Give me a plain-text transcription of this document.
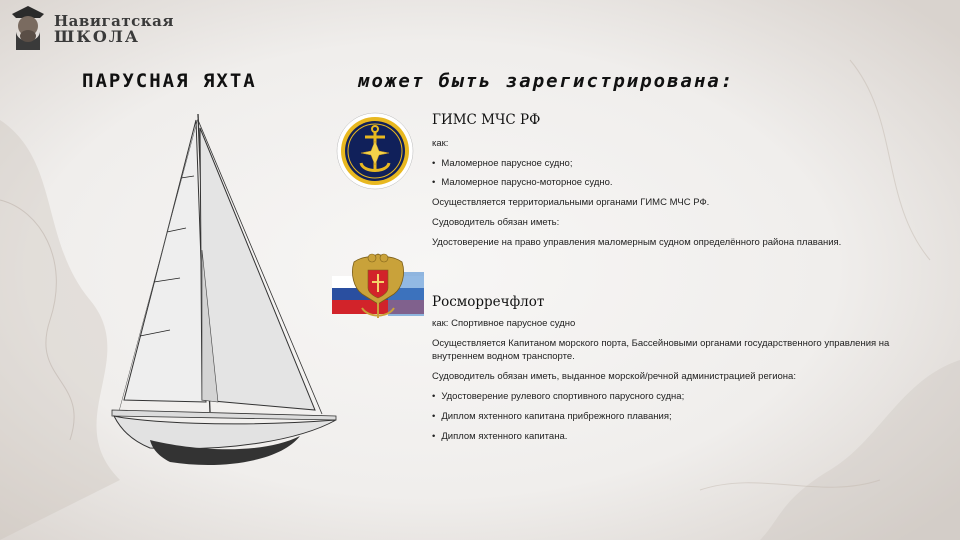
Навигатская
ШКОЛА
ПАРУСНАЯ ЯХТА	может быть зарегистрирована:
ГИМС МЧС РФ

как:

• Маломерное парусное судно;

• Маломерное парусно-моторное судно.

Осуществляется территориальными органами ГИМС МЧС РФ.

Судоводитель обязан иметь:

Удостоверение на право управления маломерным судном определённого района плавания.

Росморречфлот

как: Спортивное парусное судно

Осуществляется Капитаном морского порта, Бассейновыми органами государственного управления на внутреннем водном транспорте.

Судоводитель обязан иметь, выданное морской/речной администрацией региона:

• Удостоверение рулевого спортивного парусного судна;

• Диплом яхтенного капитана прибрежного плавания;

• Диплом яхтенного капитана.
